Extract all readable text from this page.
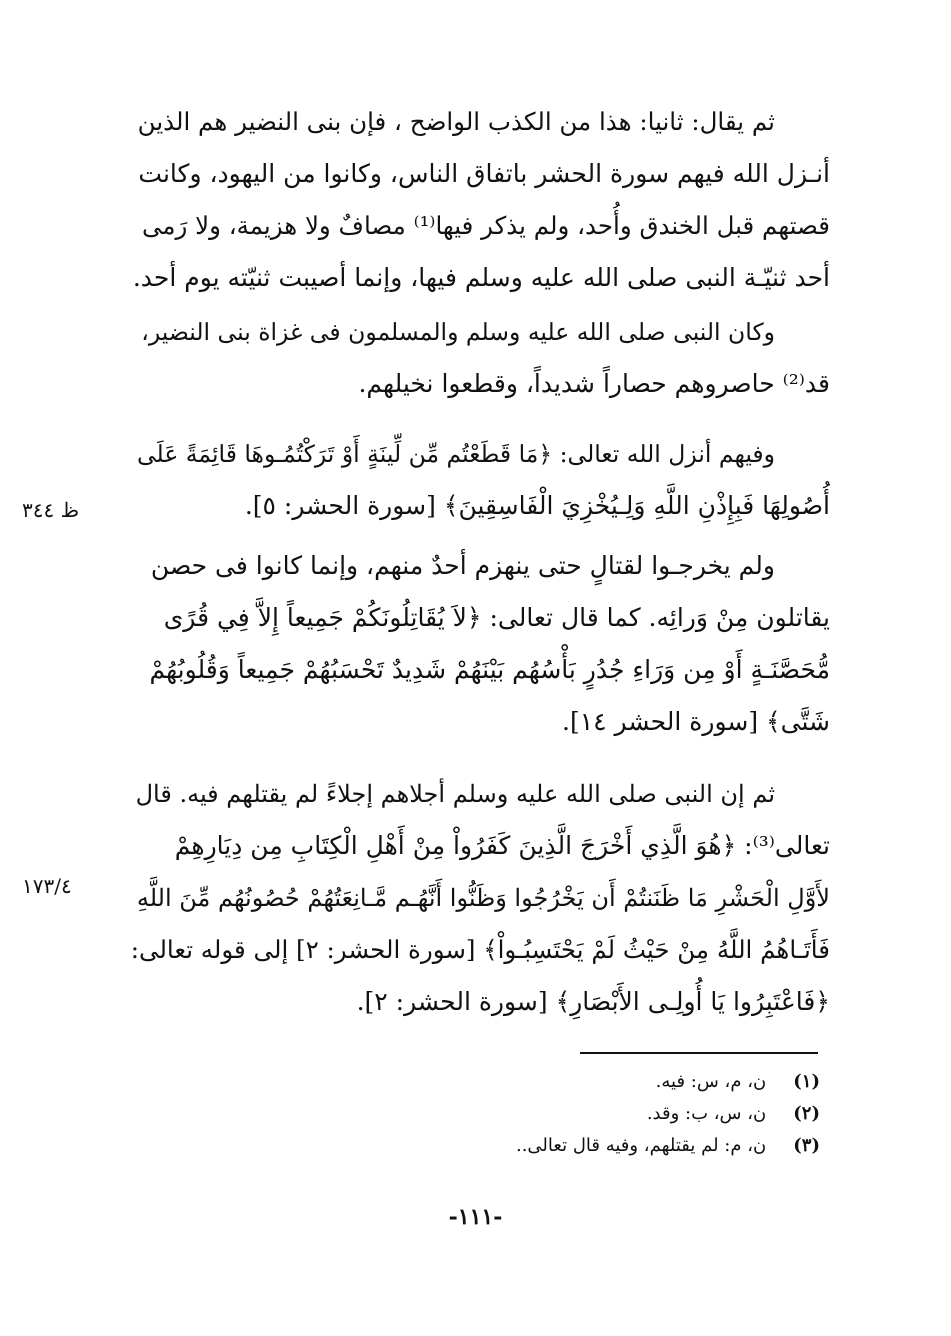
ثم يقال: ثانيا: هذا من الكذب الواضح ، فإن بنى النضير هم الذين
أنـزل الله فيهم سورة الحشر باتفاق الناس، وكانوا من اليهود، وكانت
قصتهم قبل الخندق وأُحد، ولم يذكر فيها⁽¹⁾ مصافٌ ولا هزيمة، ولا رَمى
أحد ثنيّـة النبى صلى الله عليه وسلم فيها، وإنما أصيبت ثنيّته يوم أحد.
وكان النبى صلى الله عليه وسلم والمسلمون فى غزاة بنى النضير،
قد⁽²⁾ حاصروهم حصاراً شديداً، وقطعوا نخيلهم.
وفيهم أنزل الله تعالى: ﴿مَا قَطَعْتُم مِّن لِّينَةٍ أَوْ تَرَكْتُمُـوهَا قَائِمَةً عَلَى
أُصُولِهَا فَبِإِذْنِ اللَّهِ وَلِـيُخْزِيَ الْفَاسِقِينَ﴾ [سورة الحشر: ٥].
ولم يخرجـوا لقتالٍ حتى ينهزم أحدٌ منهم، وإنما كانوا فى حصن
يقاتلون مِنْ وَرائِه. كما قال تعالى: ﴿لاَ يُقَاتِلُونَكُمْ جَمِيعاً إِلاَّ فِي قُرًى
مُّحَصَّنَـةٍ أَوْ مِن وَرَاءِ جُدُرٍ بَأْسُهُم بَيْنَهُمْ شَدِيدٌ تَحْسَبُهُمْ جَمِيعاً وَقُلُوبُهُمْ
شَتَّى﴾ [سورة الحشر ١٤].
ثم إن النبى صلى الله عليه وسلم أجلاهم إجلاءً لم يقتلهم فيه. قال
تعالى⁽³⁾: ﴿هُوَ الَّذِي أَخْرَجَ الَّذِينَ كَفَرُواْ مِنْ أَهْلِ الْكِتَابِ مِن دِيَارِهِمْ
لأَوَّلِ الْحَشْرِ مَا ظَنَنتُمْ أَن يَخْرُجُوا وَظَنُّوا أَنَّهُـم مَّـانِعَتُهُمْ حُصُونُهُم مِّنَ اللَّهِ
فَأَتَـاهُمُ اللَّهُ مِنْ حَيْثُ لَمْ يَحْتَسِبُـواْ﴾ [سورة الحشر: ٢] إلى قوله تعالى:
﴿فَاعْتَبِرُوا يَا أُولِـى الأَبْصَارِ﴾ [سورة الحشر: ٢].
ظ ٣٤٤
١٧٣/٤
(١) ن، م، س: فيه.
(٢) ن، س، ب: وقد.
(٣) ن، م: لم يقتلهم، وفيه قال تعالى..
-١١١-
